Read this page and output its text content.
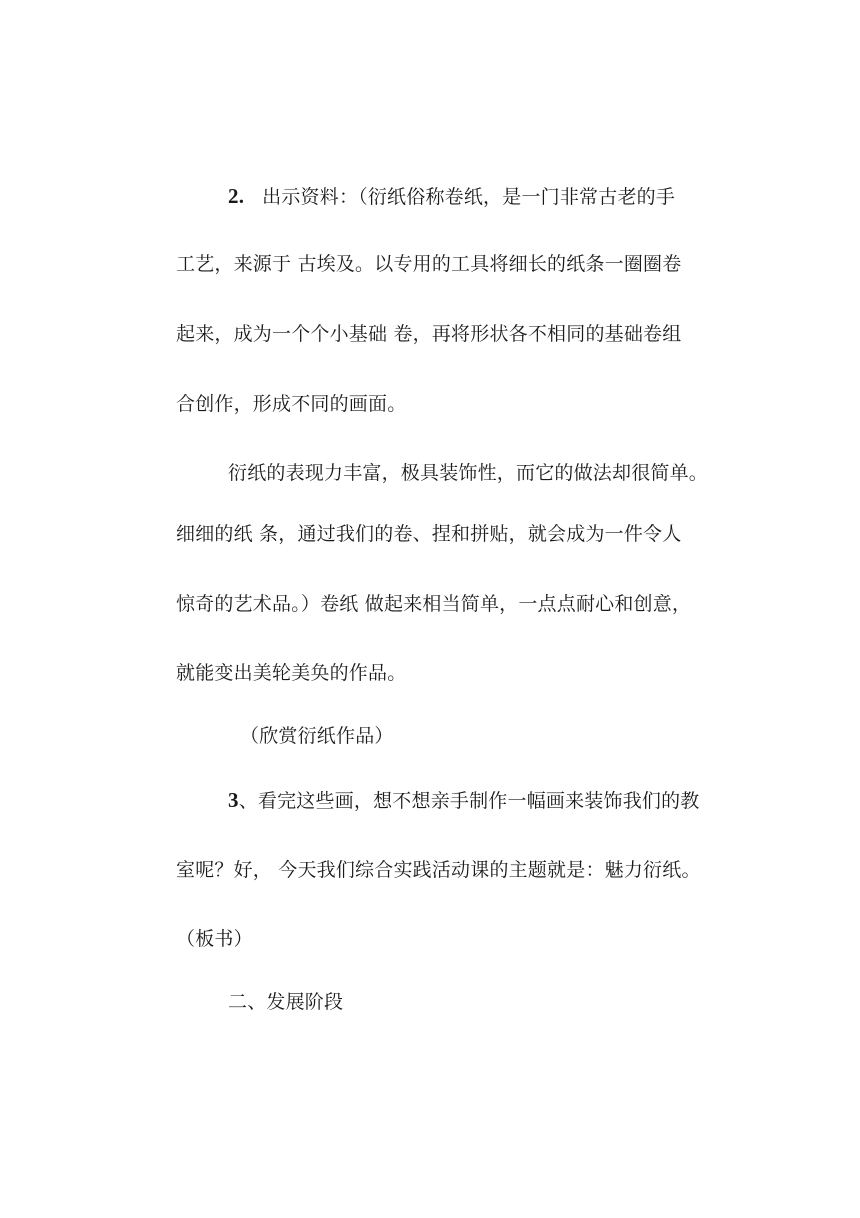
2. 出示资料：（衍纸俗称卷纸，是一门非常古老的手
工艺，来源于 古埃及。以专用的工具将细长的纸条一圈圈卷
起来，成为一个个小基础 卷，再将形状各不相同的基础卷组
合创作，形成不同的画面。
衍纸的表现力丰富，极具装饰性，而它的做法却很简单。
细细的纸 条，通过我们的卷、捏和拼贴，就会成为一件令人
惊奇的艺术品。）卷纸 做起来相当简单，一点点耐心和创意，
就能变出美轮美奂的作品。
（欣赏衍纸作品）
3、看完这些画，想不想亲手制作一幅画来装饰我们的教
室呢？好， 今天我们综合实践活动课的主题就是：魅力衍纸。
（板书）
二、发展阶段
